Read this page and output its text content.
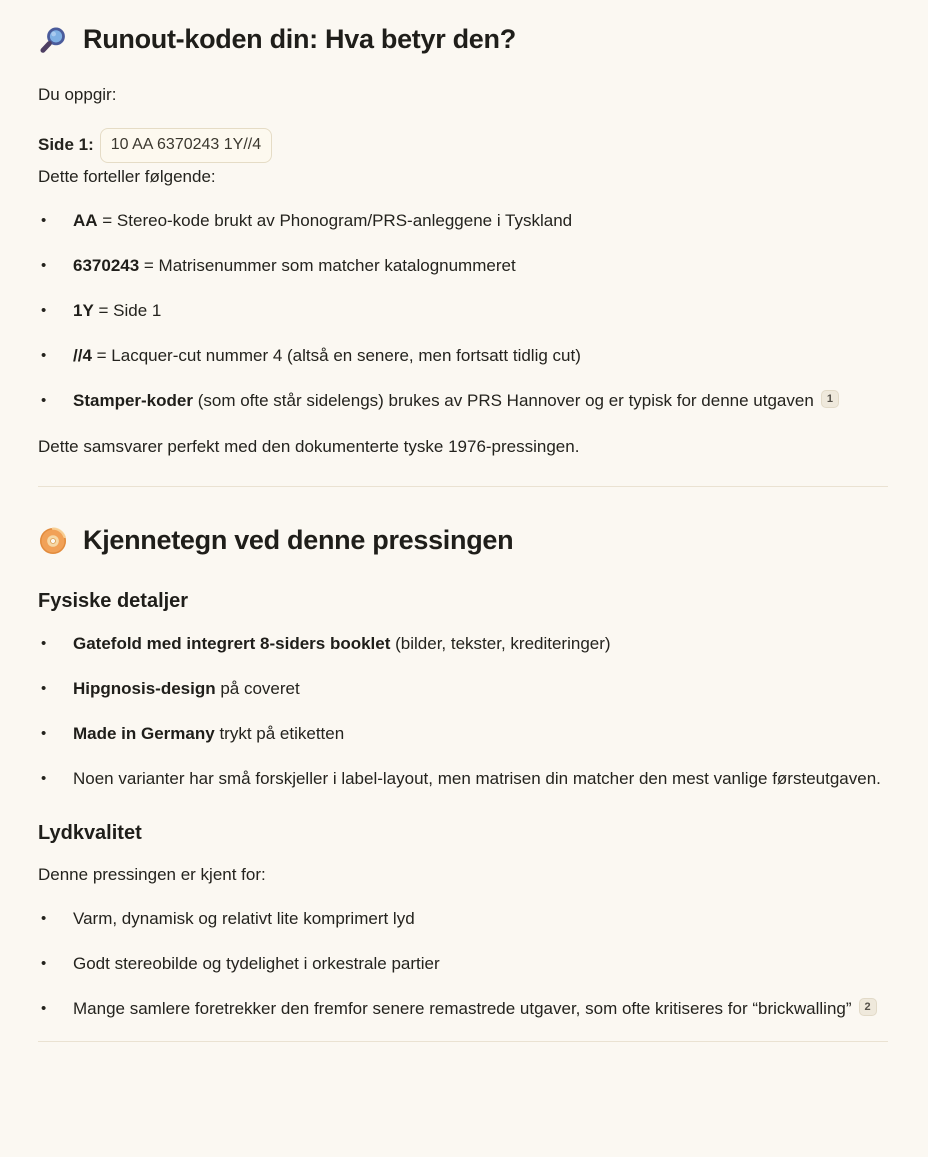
Runout-koden din: Hva betyr den?

Du oppgir:

Side 1: 10 AA 6370243 1Y//4

Dette forteller følgende:

•	AA = Stereo-kode brukt av Phonogram/PRS-anleggene i Tyskland
•	6370243 = Matrisenummer som matcher katalognummeret
•	1Y = Side 1
•	//4 = Lacquer-cut nummer 4 (altså en senere, men fortsatt tidlig cut)
•	Stamper-koder (som ofte står sidelengs) brukes av PRS Hannover og er typisk for denne utgaven $^1$

Dette samsvarer perfekt med den dokumenterte tyske 1976-pressingen.

Kjennetegn ved denne pressingen
Fysiske detaljer
•	Gatefold med integrert 8-siders booklet (bilder, tekster, krediteringer)
•	Hipgnosis-design på coveret
•	Made in Germany trykt på etiketten
•	Noen varianter har små forskjeller i label-layout, men matrisen din matcher den mest vanlige førsteutgaven.
Lydkvalitet

Denne pressingen er kjent for:

•	Varm, dynamisk og relativt lite komprimert lyd
•	Godt stereobilde og tydelighet i orkestrale partier
•	Mange samlere foretrekker den fremfor senere remastrede utgaver, som ofte kritiseres for “brickwalling” $^2$
